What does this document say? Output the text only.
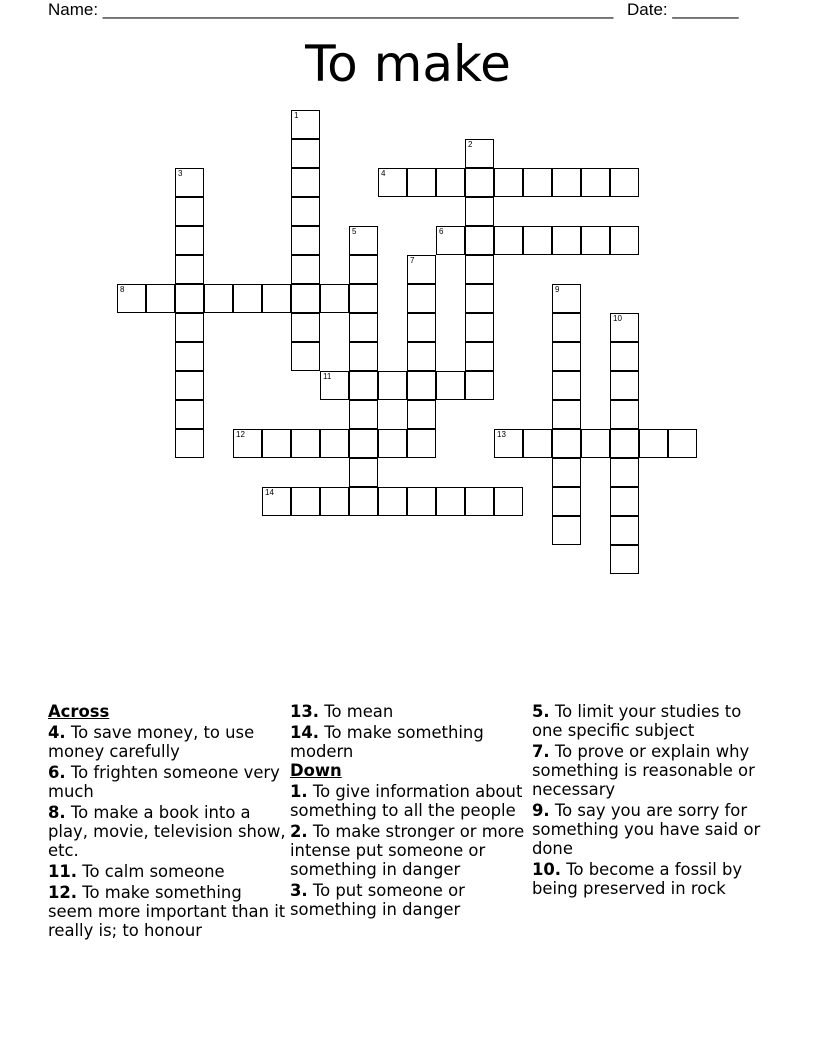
Name: ______________________________________________________ Date: _______
To make
1
2
3	4
5	6
7
8	9
10
11
12	13
14
Across
4. To save money, to use money carefully
6. To frighten someone very much
8. To make a book into a play, movie, television show, etc.
11. To calm someone
12. To make something seem more important than it really is; to honour
13. To mean
14. To make something modern
Down
1. To give information about something to all the people
2. To make stronger or more intense put someone or something in danger
3. To put someone or something in danger
5. To limit your studies to one specific subject
7. To prove or explain why something is reasonable or necessary
9. To say you are sorry for something you have said or done
10. To become a fossil by being preserved in rock
